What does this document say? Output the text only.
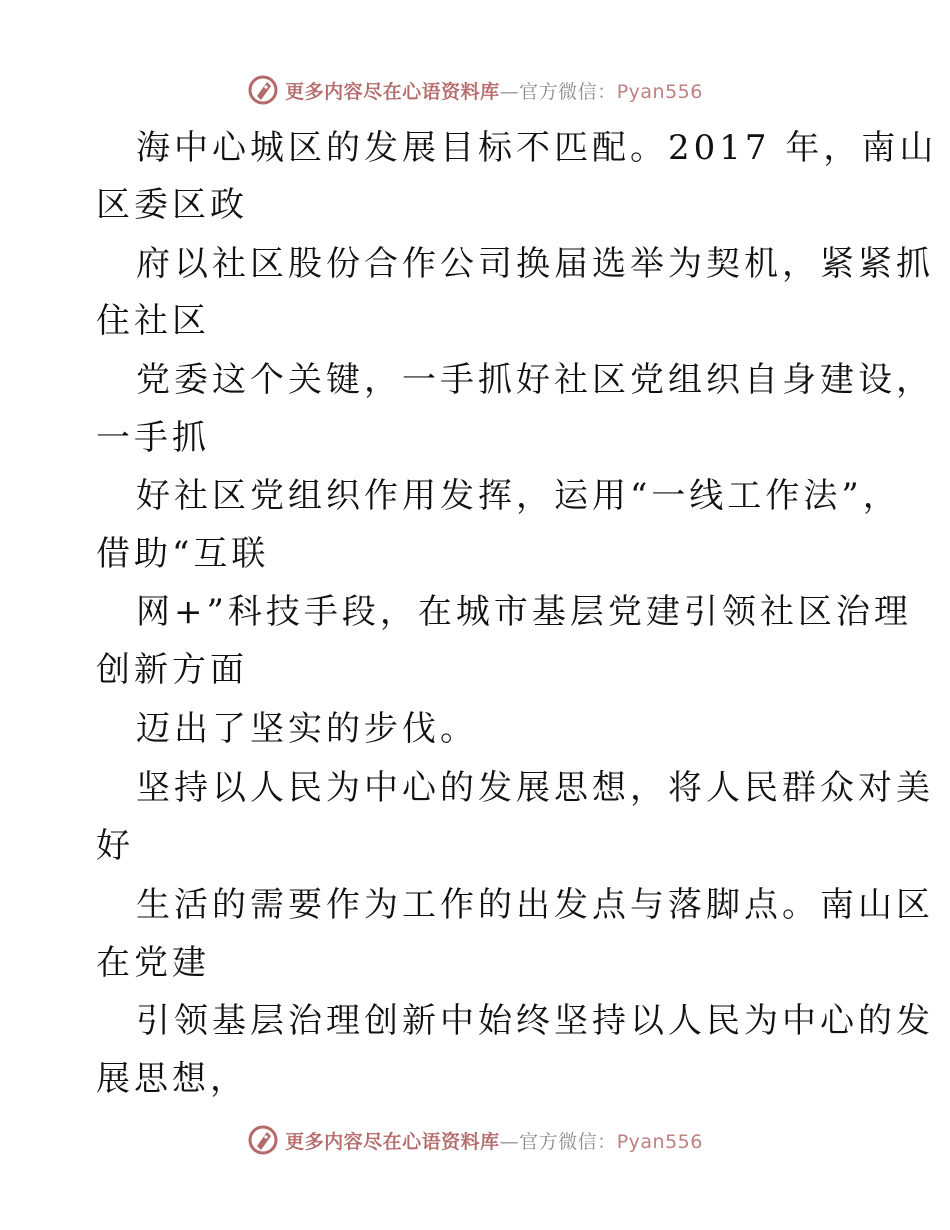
更多内容尽在心语资料库—官方微信：Pyan556
海中心城区的发展目标不匹配。2017 年，南山
区委区政
府以社区股份合作公司换届选举为契机，紧紧抓
住社区
党委这个关键，一手抓好社区党组织自身建设，
一手抓
好社区党组织作用发挥，运用“一线工作法”，
借助“互联
网+”科技手段，在城市基层党建引领社区治理
创新方面
迈出了坚实的步伐。
坚持以人民为中心的发展思想，将人民群众对美
好
生活的需要作为工作的出发点与落脚点。南山区
在党建
引领基层治理创新中始终坚持以人民为中心的发
展思想，
更多内容尽在心语资料库—官方微信：Pyan556
